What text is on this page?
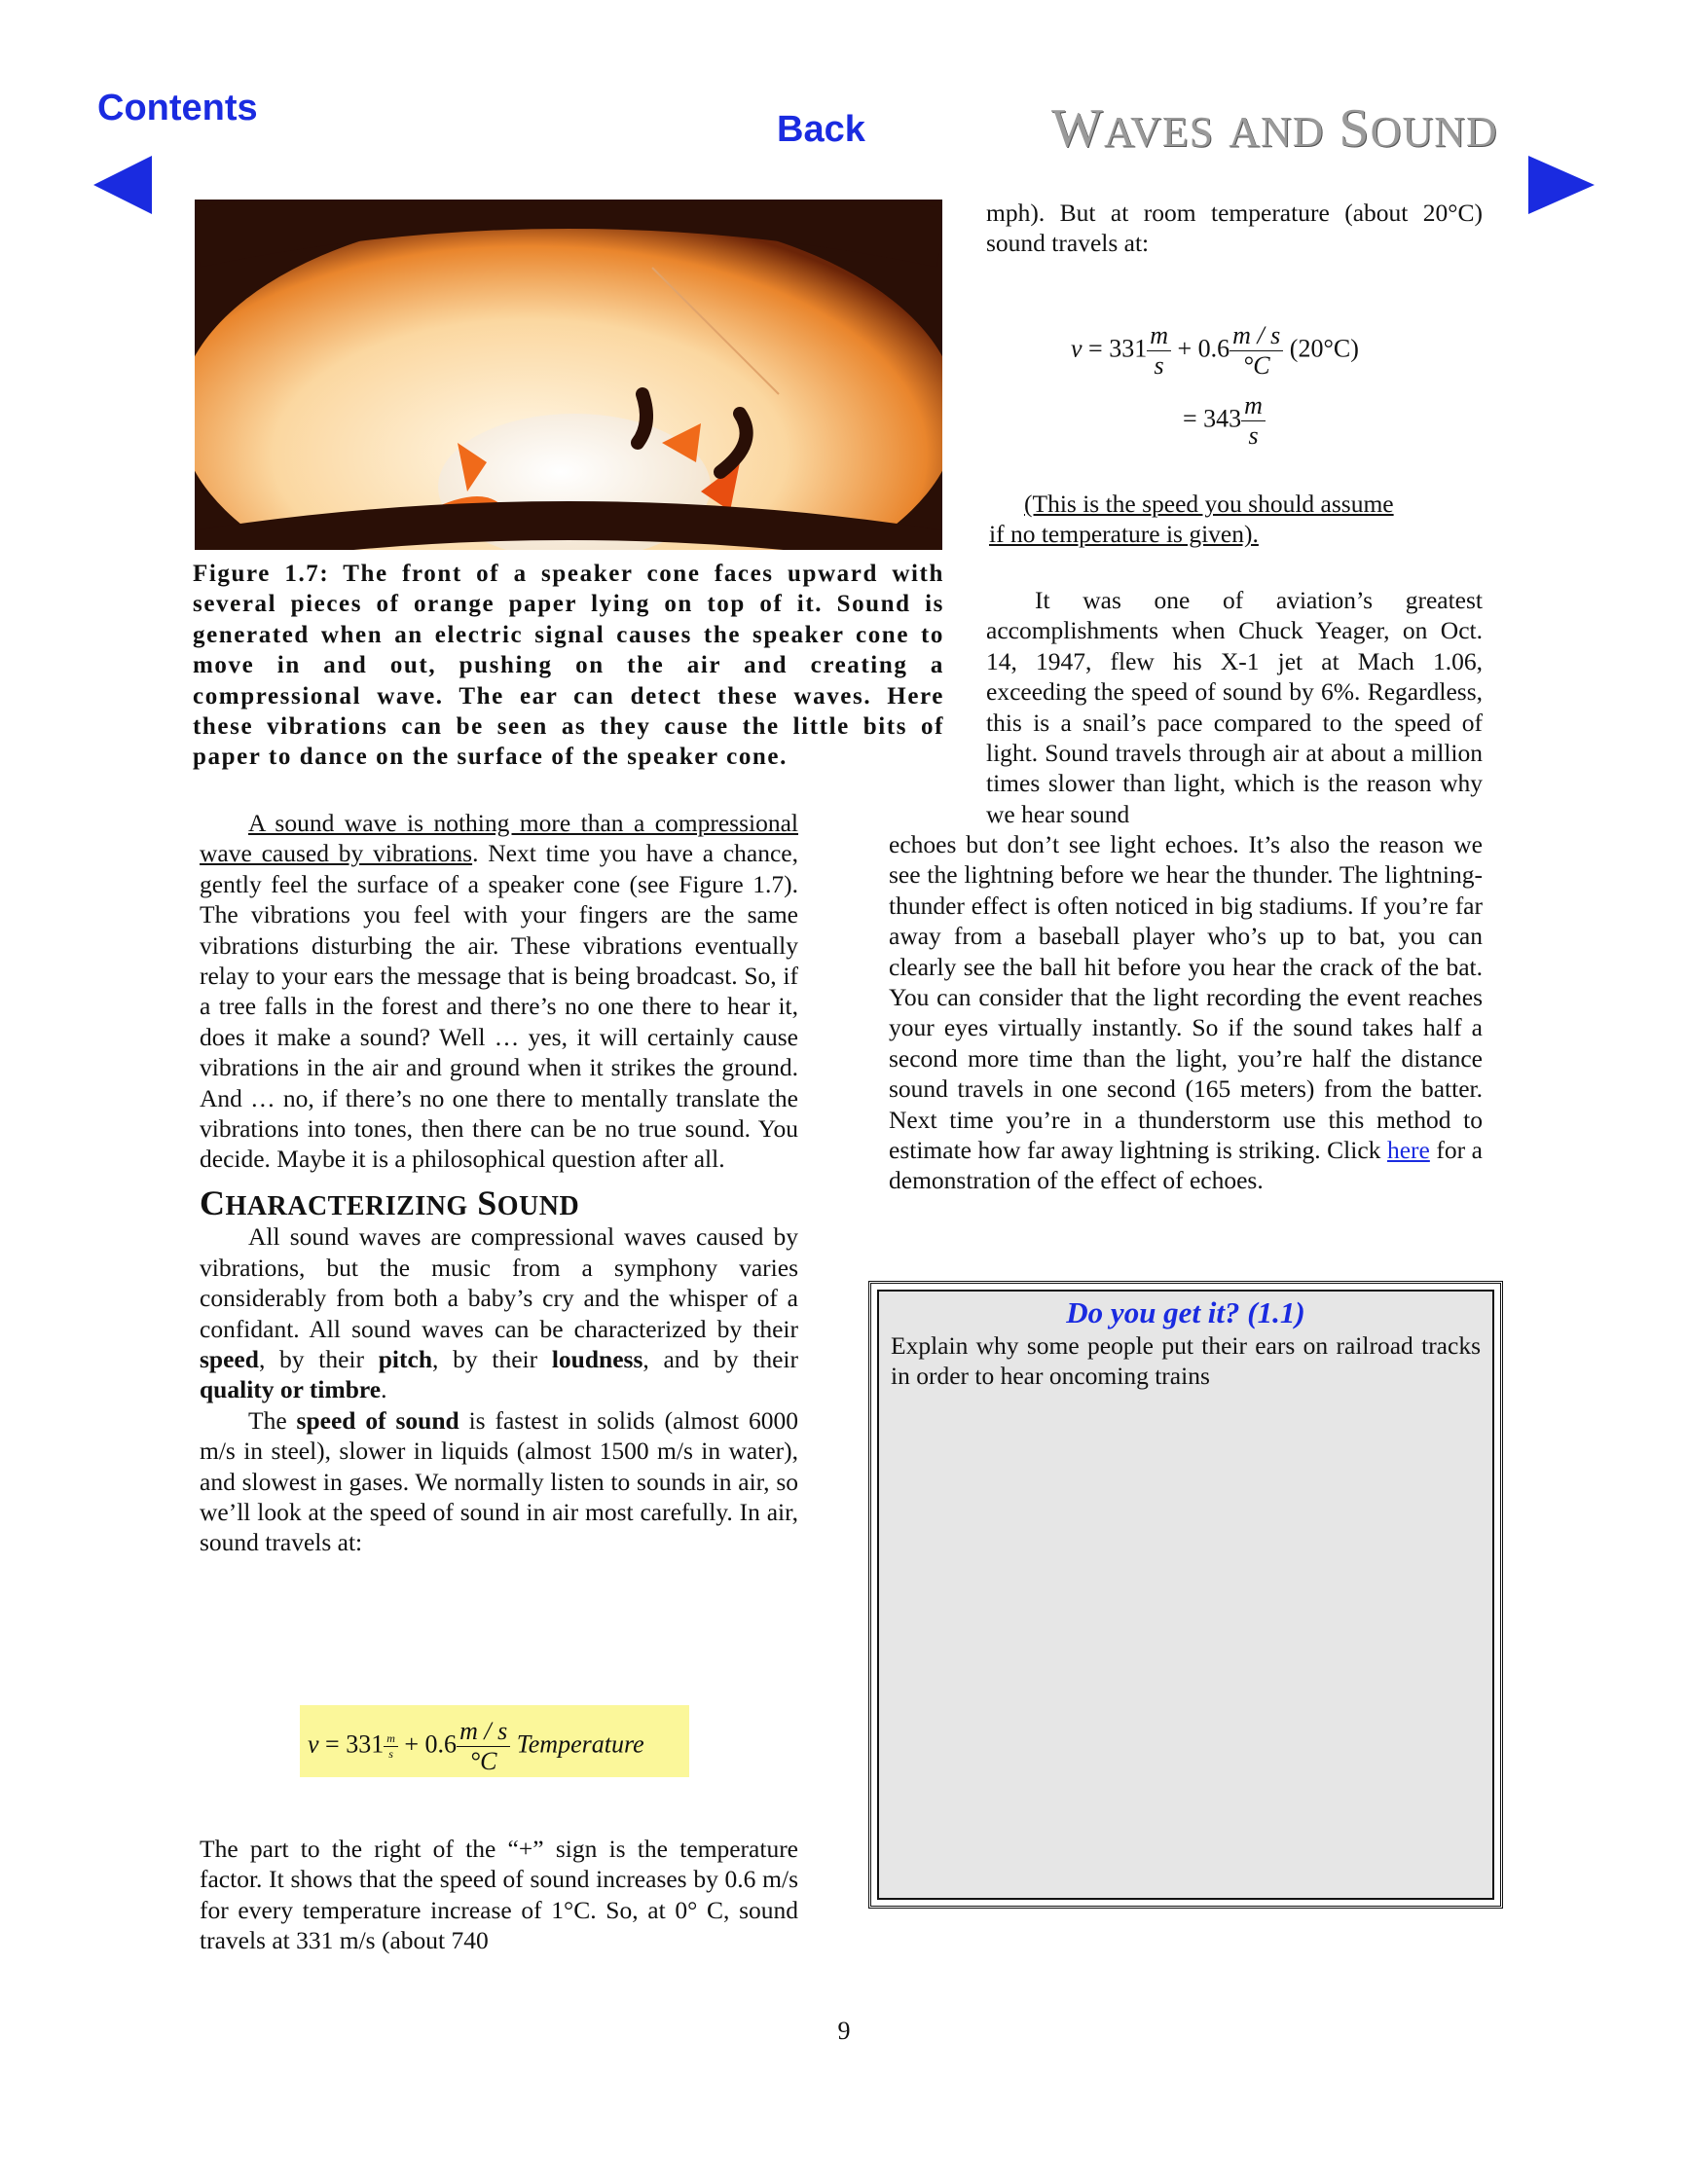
Contents
Back	WAVES AND SOUND

Figure 1.7: The front of a speaker cone faces upward with several pieces of orange paper lying on top of it. Sound is generated when an electric signal causes the speaker cone to move in and out, pushing on the air and creating a compressional wave. The ear can detect these waves. Here these vibrations can be seen as they cause the little bits of paper to dance on the surface of the speaker cone.

A sound wave is nothing more than a compressional wave caused by vibrations. Next time you have a chance, gently feel the surface of a speaker cone (see Figure 1.7). The vibrations you feel with your fingers are the same vibrations disturbing the air. These vibrations eventually relay to your ears the message that is being broadcast. So, if a tree falls in the forest and there’s no one there to hear it, does it make a sound? Well … yes, it will certainly cause vibrations in the air and ground when it strikes the ground. And … no, if there’s no one there to mentally translate the vibrations into tones, then there can be no true sound. You decide. Maybe it is a philosophical question after all.

CHARACTERIZING SOUND

All sound waves are compressional waves caused by vibrations, but the music from a symphony varies considerably from both a baby’s cry and the whisper of a confidant. All sound waves can be characterized by their speed, by their pitch, by their loudness, and by their quality or timbre.

The speed of sound is fastest in solids (almost 6000 m/s in steel), slower in liquids (almost 1500 m/s in water), and slowest in gases. We normally listen to sounds in air, so we’ll look at the speed of sound in air most carefully. In air, sound travels at:

$v = 331 \frac{m}{s} + 0.6 \frac{m / s}{^\circ C}$ Temperature

The part to the right of the “+” sign is the temperature factor. It shows that the speed of sound increases by 0.6 m/s for every temperature increase of 1°C. So, at 0° C, sound travels at 331 m/s (about 740

mph). But at room temperature (about 20°C) sound travels at:

$v = 331 \frac{m}{s} + 0.6 \frac{m / s}{^\circ C} (20^\circ C)$
= $343 \frac{m}{s}$
(This is the speed you should assume if no temperature is given).

It was one of aviation’s greatest accomplishments when Chuck Yeager, on Oct. 14, 1947, flew his X-1 jet at Mach 1.06, exceeding the speed of sound by 6%. Regardless, this is a snail’s pace compared to the speed of light. Sound travels through air at about a million times slower than light, which is the reason why we hear sound

echoes but don’t see light echoes. It’s also the reason we see the lightning before we hear the thunder. The lightning-thunder effect is often noticed in big stadiums. If you’re far away from a baseball player who’s up to bat, you can clearly see the ball hit before you hear the crack of the bat. You can consider that the light recording the event reaches your eyes virtually instantly. So if the sound takes half a second more time than the light, you’re half the distance sound travels in one second (165 meters) from the batter. Next time you’re in a thunderstorm use this method to estimate how far away lightning is striking. Click here for a demonstration of the effect of echoes.

Do you get it? (1.1)
Explain why some people put their ears on railroad tracks in order to hear oncoming trains
9
